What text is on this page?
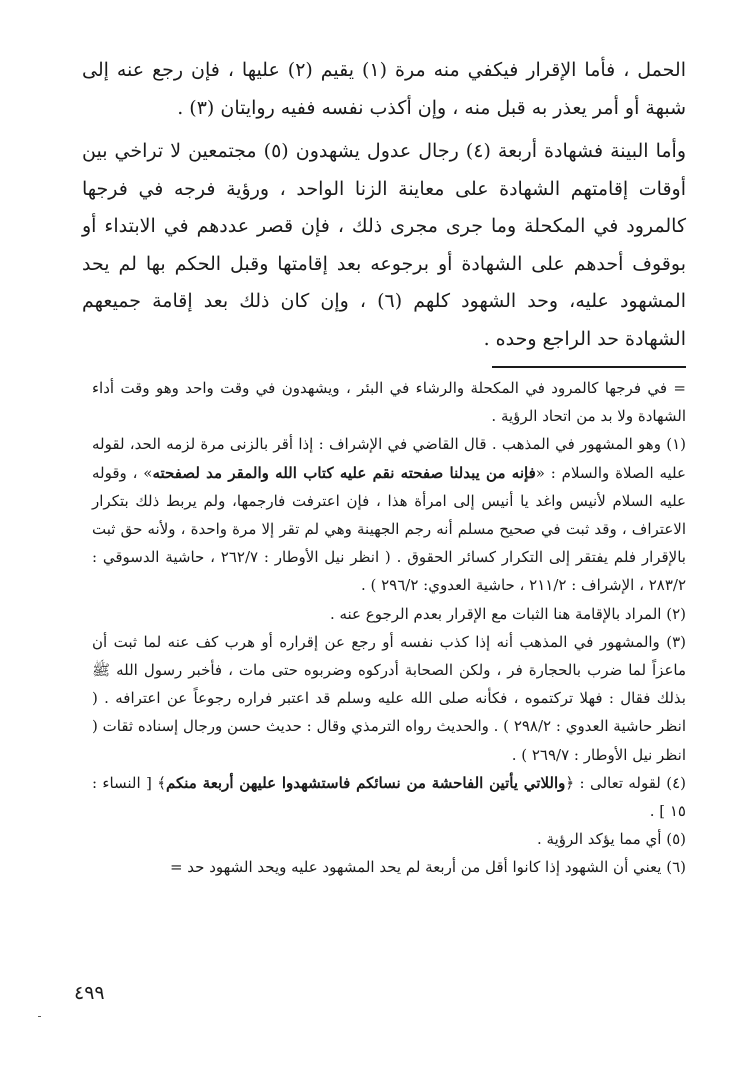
الحمل ، فأما الإقرار فيكفي منه مرة (١) يقيم (٢) عليها ، فإن رجع عنه إلى شبهة أو أمر يعذر به قبل منه ، وإن أكذب نفسه ففيه روايتان (٣) .

وأما البينة فشهادة أربعة (٤) رجال عدول يشهدون (٥) مجتمعين لا تراخي بين أوقات إقامتهم الشهادة على معاينة الزنا الواحد ، ورؤية فرجه في فرجها كالمرود في المكحلة وما جرى مجرى ذلك ، فإن قصر عددهم في الابتداء أو بوقوف أحدهم على الشهادة أو برجوعه بعد إقامتها وقبل الحكم بها لم يحد المشهود عليه، وحد الشهود كلهم (٦) ، وإن كان ذلك بعد إقامة جميعهم الشهادة حد الراجع وحده .

= في فرجها كالمرود في المكحلة والرشاء في البئر ، ويشهدون في وقت واحد وهو وقت أداء الشهادة ولا بد من اتحاد الرؤية .

(١) وهو المشهور في المذهب . قال القاضي في الإشراف : إذا أقر بالزنى مرة لزمه الحد، لقوله عليه الصلاة والسلام : «فإنه من يبدلنا صفحته نقم عليه كتاب الله والمقر مد لصفحته» ، وقوله عليه السلام لأنيس واغد يا أنيس إلى امرأة هذا ، فإن اعترفت فارجمها، ولم يربط ذلك بتكرار الاعتراف ، وقد ثبت في صحيح مسلم أنه رجم الجهينة وهي لم تقر إلا مرة واحدة ، ولأنه حق ثبت بالإقرار فلم يفتقر إلى التكرار كسائر الحقوق . ( انظر نيل الأوطار : ٢٦٢/٧ ، حاشية الدسوقي : ٢٨٣/٢ ، الإشراف : ٢١١/٢ ، حاشية العدوي: ٢٩٦/٢ ) .

(٢) المراد بالإقامة هنا الثبات مع الإقرار بعدم الرجوع عنه .

(٣) والمشهور في المذهب أنه إذا كذب نفسه أو رجع عن إقراره أو هرب كف عنه لما ثبت أن ماعزاً لما ضرب بالحجارة فر ، ولكن الصحابة أدركوه وضربوه حتى مات ، فأخبر رسول الله ﷺ بذلك فقال : فهلا تركتموه ، فكأنه صلى الله عليه وسلم قد اعتبر فراره رجوعاً عن اعترافه . ( انظر حاشية العدوي : ٢٩٨/٢ ) . والحديث رواه الترمذي وقال : حديث حسن ورجال إسناده ثقات ( انظر نيل الأوطار : ٢٦٩/٧ ) .

(٤) لقوله تعالى : ﴿واللاتي يأتين الفاحشة من نسائكم فاستشهدوا عليهن أربعة منكم﴾ [ النساء : ١٥ ] .

(٥) أي مما يؤكد الرؤية .

(٦) يعني أن الشهود إذا كانوا أقل من أربعة لم يحد المشهود عليه ويحد الشهود حد =

٤٩٩
